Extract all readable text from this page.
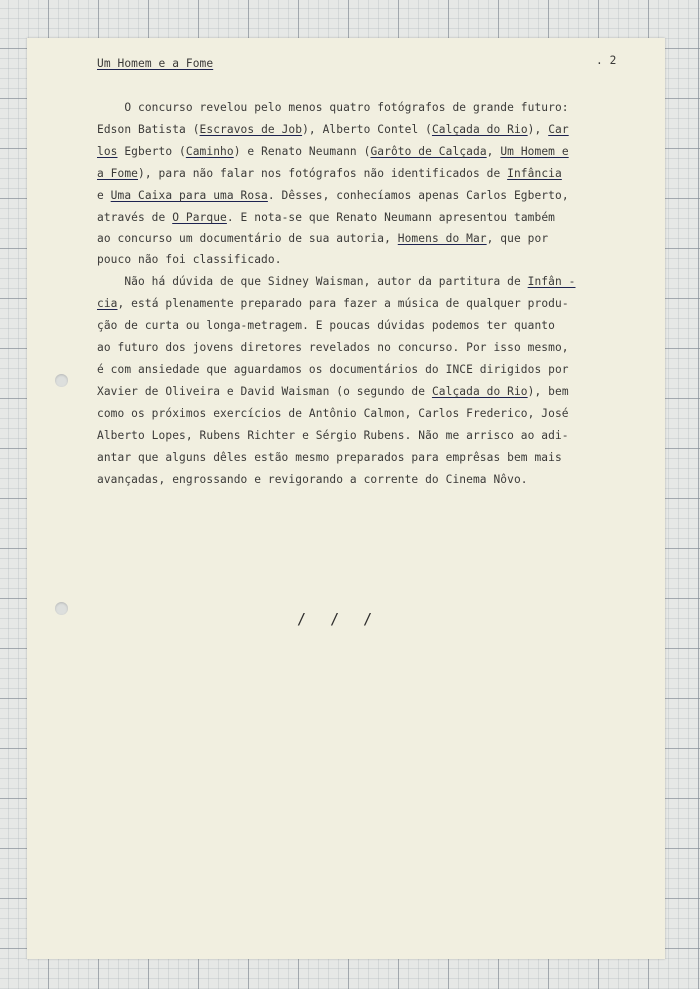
Um Homem e a Fome	. 2
O concurso revelou pelo menos quatro fotógrafos de grande futuro:
Edson Batista (Escravos de Job), Alberto Contel (Calçada do Rio), Car
los Egberto (Caminho) e Renato Neumann (Garôto de Calçada, Um Homem e
a Fome), para não falar nos fotógrafos não identificados de Infância
e Uma Caixa para uma Rosa. Dêsses, conhecíamos apenas Carlos Egberto,
através de O Parque. E nota-se que Renato Neumann apresentou também
ao concurso um documentário de sua autoria, Homens do Mar, que por
pouco não foi classificado.
Não há dúvida de que Sidney Waisman, autor da partitura de Infân -
cia, está plenamente preparado para fazer a música de qualquer produ-
ção de curta ou longa-metragem. E poucas dúvidas podemos ter quanto
ao futuro dos jovens diretores revelados no concurso. Por isso mesmo,
é com ansiedade que aguardamos os documentários do INCE dirigidos por
Xavier de Oliveira e David Waisman (o segundo de Calçada do Rio), bem
como os próximos exercícios de Antônio Calmon, Carlos Frederico, José
Alberto Lopes, Rubens Richter e Sérgio Rubens. Não me arrisco ao adi-
antar que alguns dêles estão mesmo preparados para emprêsas bem mais
avançadas, engrossando e revigorando a corrente do Cinema Nôvo.
/  /  /
